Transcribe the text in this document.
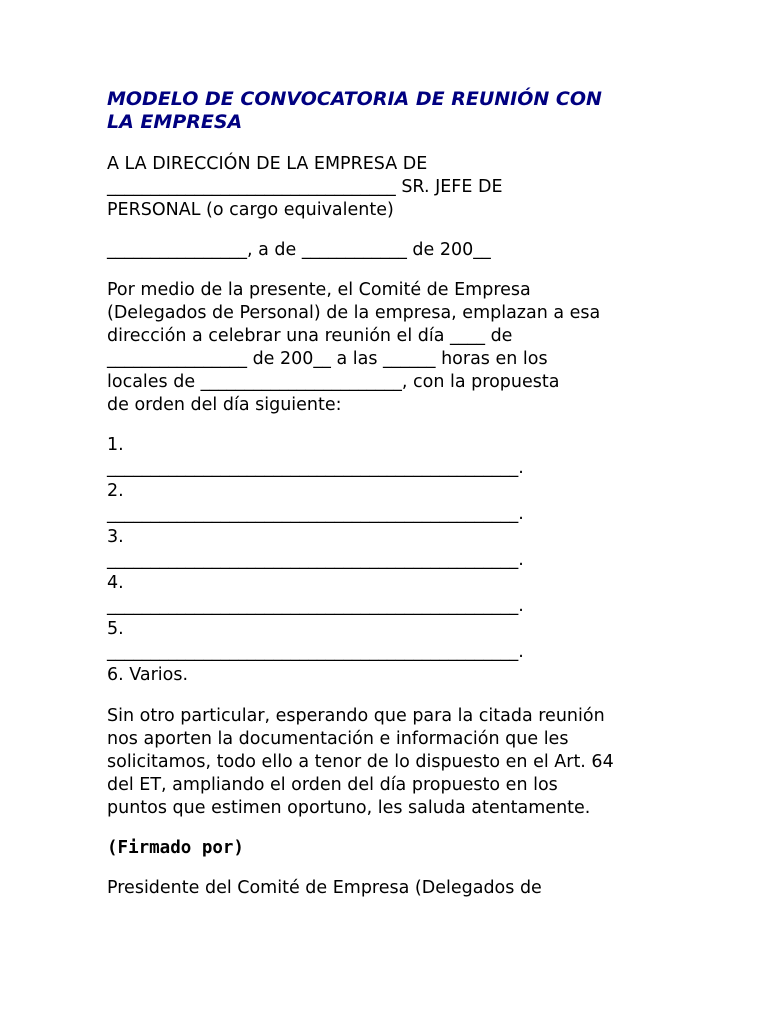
MODELO DE CONVOCATORIA DE REUNIÓN CON
LA EMPRESA
A LA DIRECCIÓN DE LA EMPRESA DE
_________________________________ SR. JEFE DE
PERSONAL (o cargo equivalente)
________________, a de ____________ de 200__
Por medio de la presente, el Comité de Empresa
(Delegados de Personal) de la empresa, emplazan a esa
dirección a celebrar una reunión el día ____ de
________________ de 200__ a las ______ horas en los
locales de _______________________, con la propuesta
de orden del día siguiente:
1.
_______________________________________________.
2.
_______________________________________________.
3.
_______________________________________________.
4.
_______________________________________________.
5.
_______________________________________________.
6. Varios.
Sin otro particular, esperando que para la citada reunión
nos aporten la documentación e información que les
solicitamos, todo ello a tenor de lo dispuesto en el Art. 64
del ET, ampliando el orden del día propuesto en los
puntos que estimen oportuno, les saluda atentamente.
(Firmado por)
Presidente del Comité de Empresa (Delegados de
